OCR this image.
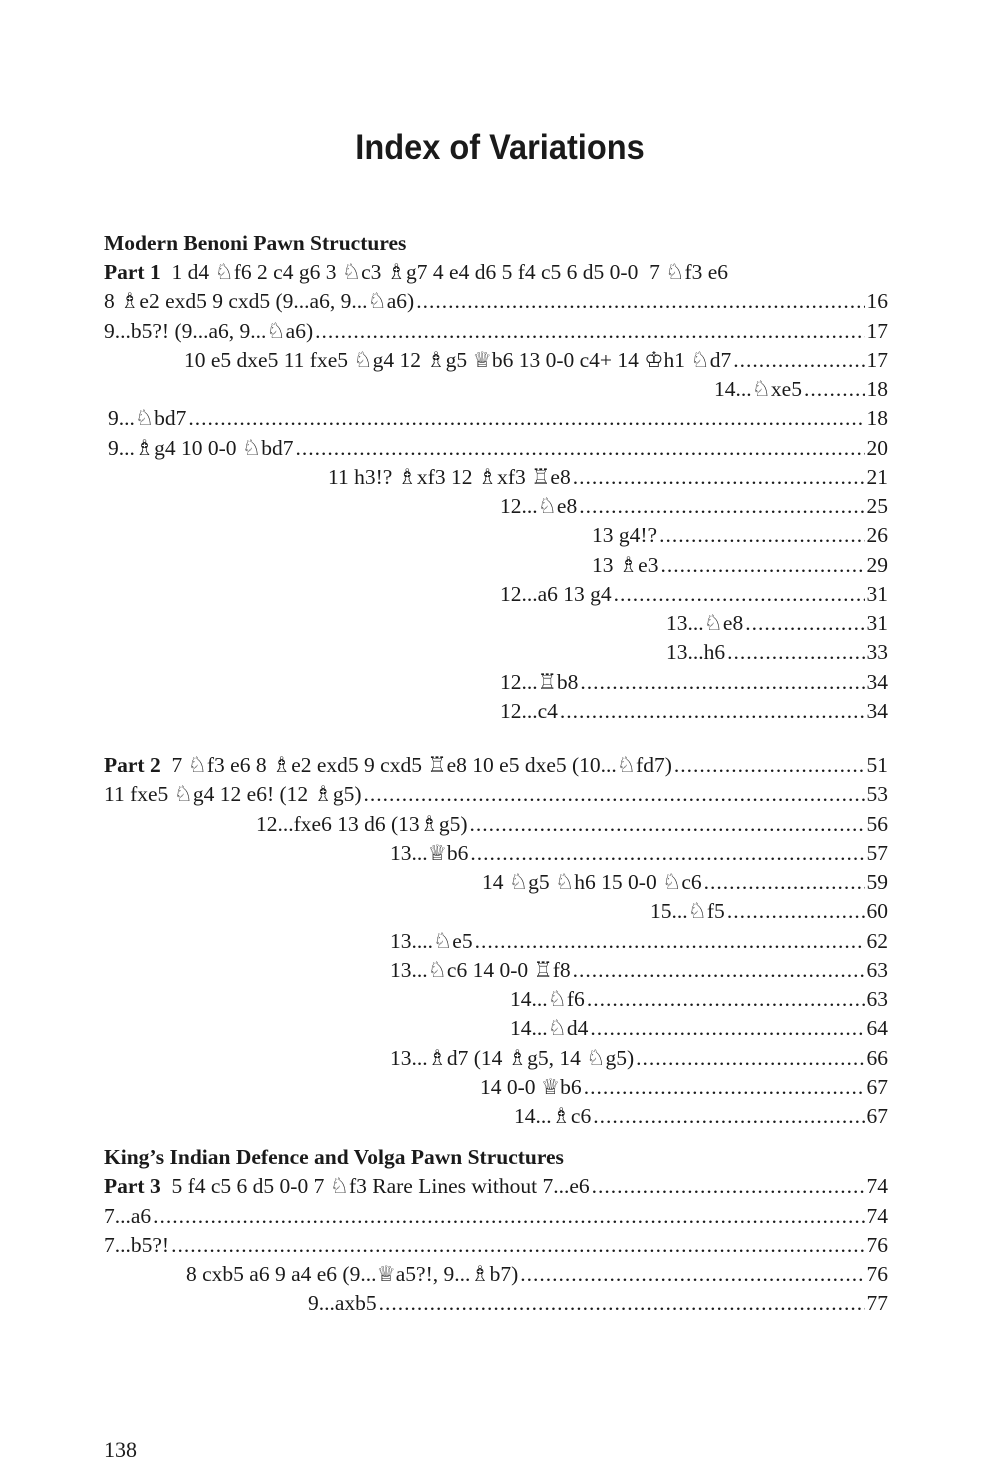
Index of Variations
Modern Benoni Pawn Structures
Part 1  1 d4 ♘f6 2 c4 g6 3 ♘c3 ♗g7 4 e4 d6 5 f4 c5 6 d5 0-0  7 ♘f3 e6
8 ♗e2 exd5 9 cxd5 (9...a6, 9...♘a6) .....	16
9...b5?! (9...a6, 9...♘a6) .....	17
10 e5 dxe5 11 fxe5 ♘g4 12 ♗g5 ♕b6 13 0-0 c4+ 14 ♔h1 ♘d7 .....	17
14...♘xe5 .....	18
9...♘bd7 .....	18
9...♗g4 10 0-0 ♘bd7 .....	20
11 h3!? ♗xf3 12 ♗xf3 ♖e8 .....	21
12...♘e8 .....	25
13 g4!? .....	26
13 ♗e3 .....	29
12...a6 13 g4 .....	31
13...♘e8 .....	31
13...h6 .....	33
12...♖b8 .....	34
12...c4 .....	34
Part 2  7 ♘f3 e6 8 ♗e2 exd5 9 cxd5 ♖e8 10 e5 dxe5 (10...♘fd7) .....	51
11 fxe5 ♘g4 12 e6! (12 ♗g5) .....	53
12...fxe6 13 d6 (13♗g5) .....	56
13...♕b6 .....	57
14 ♘g5 ♘h6 15 0-0 ♘c6 .....	59
15...♘f5 .....	60
13....♘e5 .....	62
13...♘c6 14 0-0 ♖f8 .....	63
14...♘f6 .....	63
14...♘d4 .....	64
13...♗d7 (14 ♗g5, 14 ♘g5) .....	66
14 0-0 ♕b6 .....	67
14...♗c6 .....	67
King’s Indian Defence and Volga Pawn Structures
Part 3  5 f4 c5 6 d5 0-0 7 ♘f3 Rare Lines without 7...e6 .....	74
7...a6 .....	74
7...b5?! .....	76
8 cxb5 a6 9 a4 e6 (9...♕a5?!, 9...♗b7) .....	76
9...axb5 .....	77
138
